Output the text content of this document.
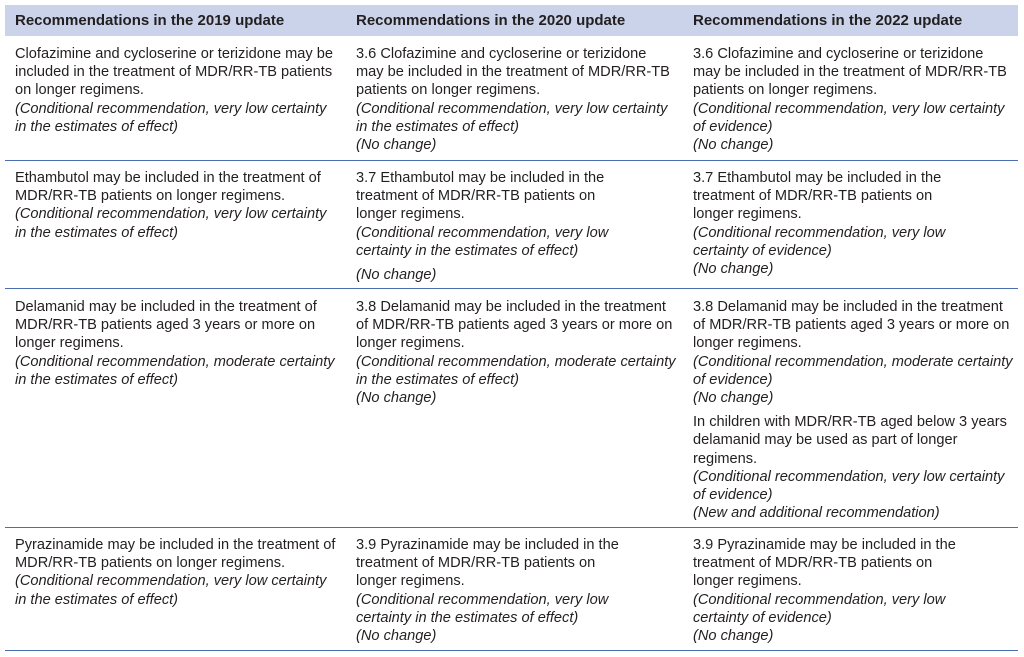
Recommendations in the 2019 update	Recommendations in the 2020 update	Recommendations in the 2022 update

Clofazimine and cycloserine or terizidone may be included in the treatment of MDR/RR-TB patients on longer regimens.

(Conditional recommendation, very low certainty in the estimates of effect)

3.6 Clofazimine and cycloserine or terizidone may be included in the treatment of MDR/RR-TB patients on longer regimens.

(Conditional recommendation, very low certainty in the estimates of effect)

(No change)

3.6 Clofazimine and cycloserine or terizidone may be included in the treatment of MDR/RR-TB patients on longer regimens.

(Conditional recommendation, very low certainty of evidence)

(No change)

Ethambutol may be included in the treatment of MDR/RR-TB patients on longer regimens.

(Conditional recommendation, very low certainty in the estimates of effect)

3.7 Ethambutol may be included in the treatment of MDR/RR-TB patients on longer regimens.

(Conditional recommendation, very low certainty in the estimates of effect)

(No change)

3.7 Ethambutol may be included in the treatment of MDR/RR-TB patients on longer regimens.

(Conditional recommendation, very low certainty of evidence)

(No change)

Delamanid may be included in the treatment of MDR/RR-TB patients aged 3 years or more on longer regimens.

(Conditional recommendation, moderate certainty in the estimates of effect)

3.8 Delamanid may be included in the treatment of MDR/RR-TB patients aged 3 years or more on longer regimens.

(Conditional recommendation, moderate certainty in the estimates of effect)

(No change)

3.8 Delamanid may be included in the treatment of MDR/RR-TB patients aged 3 years or more on longer regimens.

(Conditional recommendation, moderate certainty of evidence)

(No change)

In children with MDR/RR-TB aged below 3 years delamanid may be used as part of longer regimens.

(Conditional recommendation, very low certainty of evidence)

(New and additional recommendation)

Pyrazinamide may be included in the treatment of MDR/RR-TB patients on longer regimens.

(Conditional recommendation, very low certainty in the estimates of effect)

3.9 Pyrazinamide may be included in the treatment of MDR/RR-TB patients on longer regimens.

(Conditional recommendation, very low certainty in the estimates of effect)

(No change)

3.9 Pyrazinamide may be included in the treatment of MDR/RR-TB patients on longer regimens.

(Conditional recommendation, very low certainty of evidence)

(No change)
